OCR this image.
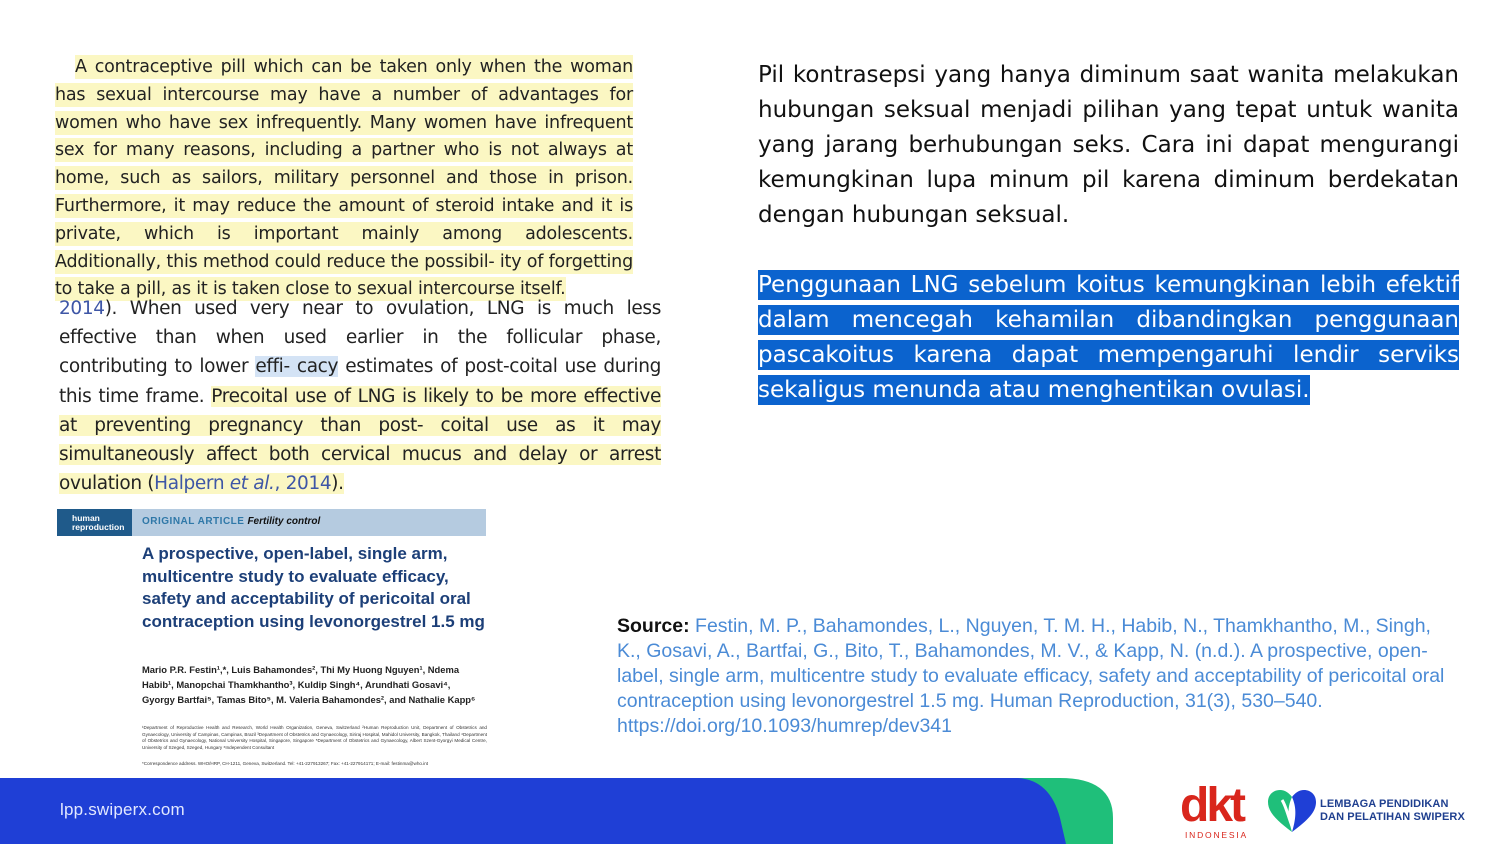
A contraceptive pill which can be taken only when the woman has sexual intercourse may have a number of advantages for women who have sex infrequently. Many women have infrequent sex for many reasons, including a partner who is not always at home, such as sailors, military personnel and those in prison. Furthermore, it may reduce the amount of steroid intake and it is private, which is important mainly among adolescents. Additionally, this method could reduce the possibil- ity of forgetting to take a pill, as it is taken close to sexual intercourse itself.

2014). When used very near to ovulation, LNG is much less effective than when used earlier in the follicular phase, contributing to lower effi- cacy estimates of post-coital use during this time frame. Precoital use of LNG is likely to be more effective at preventing pregnancy than post- coital use as it may simultaneously affect both cervical mucus and delay or arrest ovulation (Halpern et al., 2014).

human reproduction	ORIGINAL ARTICLE Fertility control
A prospective, open-label, single arm, multicentre study to evaluate efficacy, safety and acceptability of pericoital oral contraception using levonorgestrel 1.5 mg
Mario P.R. Festin¹,*, Luis Bahamondes², Thi My Huong Nguyen¹, Ndema Habib¹, Manopchai Thamkhantho³, Kuldip Singh⁴, Arundhati Gosavi⁴, Gyorgy Bartfai⁵, Tamas Bito⁵, M. Valeria Bahamondes², and Nathalie Kapp⁶
¹Department of Reproductive Health and Research, World Health Organization, Geneva, Switzerland ²Human Reproduction Unit, Department of Obstetrics and Gynaecology, University of Campinas, Campinas, Brazil ³Department of Obstetrics and Gynaecology, Siriraj Hospital, Mahidol University, Bangkok, Thailand ⁴Department of Obstetrics and Gynaecology, National University Hospital, Singapore, Singapore ⁵Department of Obstetrics and Gynaecology, Albert Szent-Gyorgyi Medical Centre, University of Szeged, Szeged, Hungary ⁶Independent Consultant
*Correspondence address. WHO/HRP, CH-1211, Geneva, Switzerland. Tel: +41-227913267; Fax: +41-227914171; E-mail: festinma@who.int

Pil kontrasepsi yang hanya diminum saat wanita melakukan hubungan seksual menjadi pilihan yang tepat untuk wanita yang jarang berhubungan seks. Cara ini dapat mengurangi kemungkinan lupa minum pil karena diminum berdekatan dengan hubungan seksual.

Penggunaan LNG sebelum koitus kemungkinan lebih efektif dalam mencegah kehamilan dibandingkan penggunaan pascakoitus karena dapat mempengaruhi lendir serviks sekaligus menunda atau menghentikan ovulasi.

Source: Festin, M. P., Bahamondes, L., Nguyen, T. M. H., Habib, N., Thamkhantho, M., Singh, K., Gosavi, A., Bartfai, G., Bito, T., Bahamondes, M. V., & Kapp, N. (n.d.). A prospective, open-label, single arm, multicentre study to evaluate efficacy, safety and acceptability of pericoital oral contraception using levonorgestrel 1.5 mg. Human Reproduction, 31(3), 530–540. https://doi.org/10.1093/humrep/dev341

lpp.swiperx.com	dkt
INDONESIA
LEMBAGA PENDIDIKAN
DAN PELATIHAN SWIPERX
